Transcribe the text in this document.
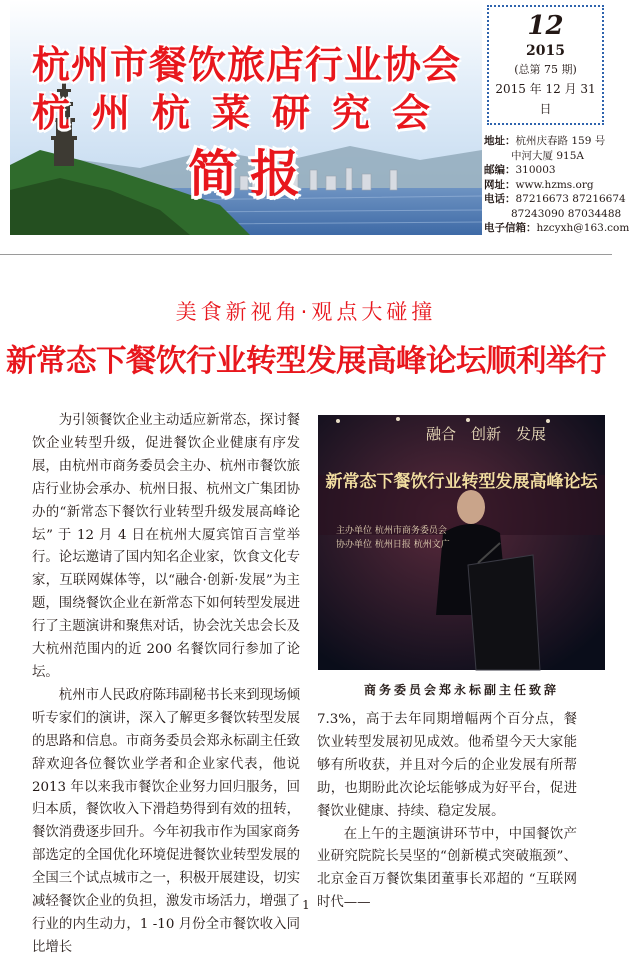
杭州市餐饮旅店行业协会
杭州杭菜研究会
简报
12
2015
(总第 75 期)
2015 年 12 月 31 日
地址：杭州庆春路 159 号
中河大厦 915A
邮编：310003
网址：www.hzms.org
电话：87216673 87216674
87243090 87034488
电子信箱：hzcyxh@163.com
美食新视角·观点大碰撞
新常态下餐饮行业转型发展高峰论坛顺利举行

为引领餐饮企业主动适应新常态，探讨餐饮企业转型升级，促进餐饮企业健康有序发展，由杭州市商务委员会主办、杭州市餐饮旅店行业协会承办、杭州日报、杭州文广集团协办的“新常态下餐饮行业转型升级发展高峰论坛” 于 12 月 4 日在杭州大厦宾馆百言堂举行。论坛邀请了国内知名企业家，饮食文化专家，互联网媒体等，以“融合·创新·发展”为主题，围绕餐饮企业在新常态下如何转型发展进行了主题演讲和聚焦对话，协会沈关忠会长及大杭州范围内的近 200 名餐饮同行参加了论坛。

杭州市人民政府陈玮副秘书长来到现场倾听专家们的演讲，深入了解更多餐饮转型发展的思路和信息。市商务委员会郑永标副主任致辞欢迎各位餐饮业学者和企业家代表，他说 2013 年以来我市餐饮企业努力回归服务，回归本质，餐饮收入下滑趋势得到有效的扭转，餐饮消费逐步回升。今年初我市作为国家商务部选定的全国优化环境促进餐饮业转型发展的全国三个试点城市之一，积极开展建设，切实减轻餐饮企业的负担，激发市场活力，增强了行业的内生动力，1 -10 月份全市餐饮收入同比增长

融合　创新　发展
新常态下餐饮行业转型发展高峰论坛
主办单位 杭州市商务委员会
协办单位 杭州日报 杭州文广
商务委员会郑永标副主任致辞

7.3%，高于去年同期增幅两个百分点，餐饮业转型发展初见成效。他希望今天大家能够有所收获，并且对今后的企业发展有所帮助，也期盼此次论坛能够成为好平台，促进餐饮业健康、持续、稳定发展。

在上午的主题演讲环节中，中国餐饮产业研究院院长吴坚的“创新模式突破瓶颈”、北京金百万餐饮集团董事长邓超的 “互联网时代——

1
